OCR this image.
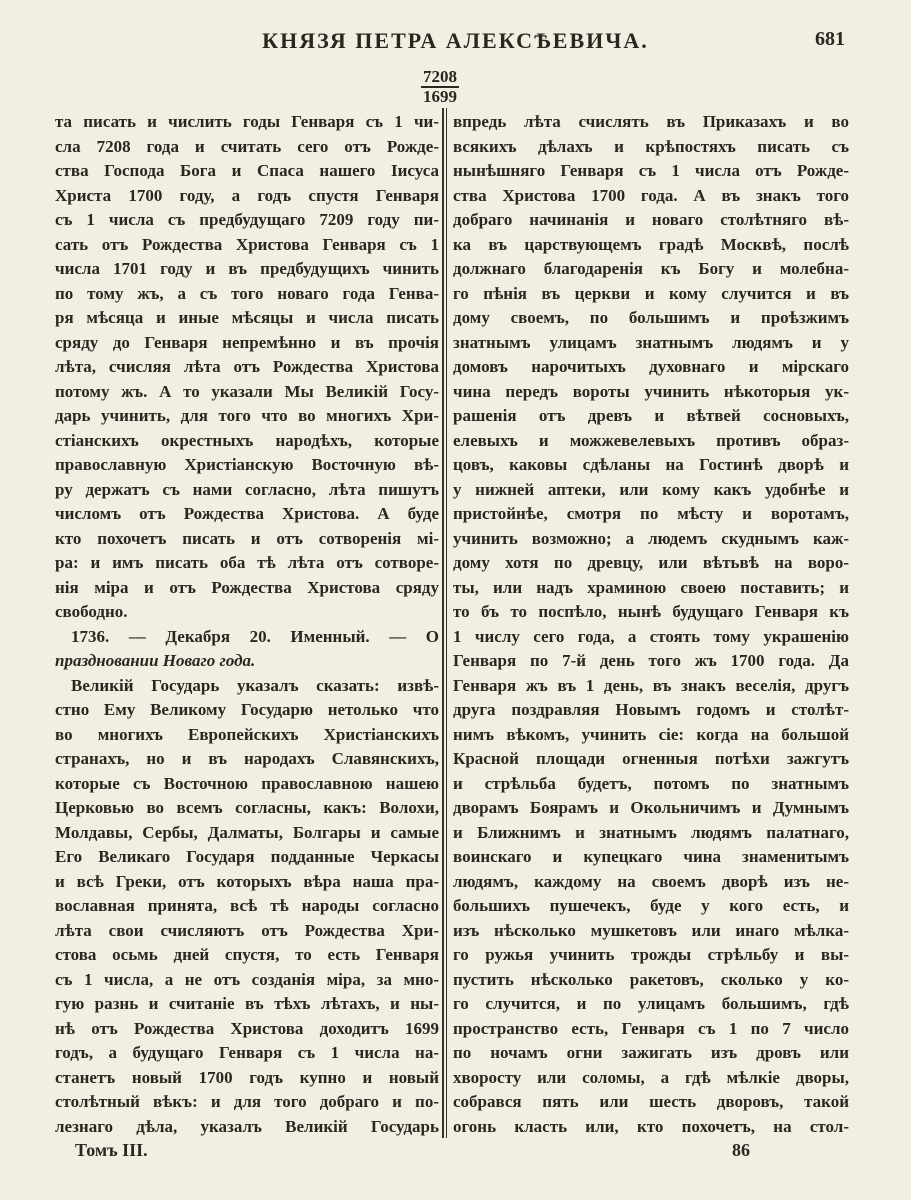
КНЯЗЯ ПЕТРА АЛЕКСѢЕВИЧА.	681
$\frac{7208}{1699}$
та писать и числить годы Генваря съ 1 чи-
сла 7208 года и считать сего отъ Рожде-
ства Господа Бога и Спаса нашего Іисуса
Христа 1700 году, а годъ спустя Генваря
съ 1 числа съ предбудущаго 7209 году пи-
сать отъ Рождества Христова Генваря съ 1
числа 1701 году и въ предбудущихъ чинить
по тому жъ, а съ того новаго года Генва-
ря мѣсяца и иные мѣсяцы и числа писать
сряду до Генваря непремѣнно и въ прочія
лѣта, счисляя лѣта отъ Рождества Христова
потому жъ. А то указали Мы Великій Госу-
дарь учинить, для того что во многихъ Хри-
стіанскихъ окрестныхъ народѣхъ, которые
православную Христіанскую Восточную вѣ-
ру держатъ съ нами согласно, лѣта пишутъ
числомъ отъ Рождества Христова. А буде
кто похочетъ писать и отъ сотворенія мі-
ра: и имъ писать оба тѣ лѣта отъ сотворе-
нія міра и отъ Рождества Христова сряду
свободно.
1736. — Декабря 20. Именный. — О
праздновании Новаго года.
Великій Государь указалъ сказать: извѣ-
стно Ему Великому Государю нетолько что
во многихъ Европейскихъ Христіанскихъ
странахъ, но и въ народахъ Славянскихъ,
которые съ Восточною православною нашею
Церковью во всемъ согласны, какъ: Волохи,
Молдавы, Сербы, Далматы, Болгары и самые
Его Великаго Государя подданные Черкасы
и всѣ Греки, отъ которыхъ вѣра наша пра-
вославная принята, всѣ тѣ народы согласно
лѣта свои счисляютъ отъ Рождества Хри-
стова осьмь дней спустя, то есть Генваря
съ 1 числа, а не отъ созданія міра, за мно-
гую разнь и считаніе въ тѣхъ лѣтахъ, и ны-
нѣ отъ Рождества Христова доходитъ 1699
годъ, а будущаго Генваря съ 1 числа на-
станетъ новый 1700 годъ купно и новый
столѣтный вѣкъ: и для того добраго и по-
лезнаго дѣла, указалъ Великій Государь
впредь лѣта счислять въ Приказахъ и во
всякихъ дѣлахъ и крѣпостяхъ писать съ
нынѣшняго Генваря съ 1 числа отъ Рожде-
ства Христова 1700 года. А въ знакъ того
добраго начинанія и новаго столѣтняго вѣ-
ка въ царствующемъ градѣ Москвѣ, послѣ
должнаго благодаренія къ Богу и молебна-
го пѣнія въ церкви и кому случится и въ
дому своемъ, по большимъ и проѣзжимъ
знатнымъ улицамъ знатнымъ людямъ и у
домовъ нарочитыхъ духовнаго и мірскаго
чина передъ вороты учинить нѣкоторыя ук-
рашенія отъ древъ и вѣтвей сосновыхъ,
елевыхъ и можжевелевыхъ противъ образ-
цовъ, каковы сдѣланы на Гостинѣ дворѣ и
у нижней аптеки, или кому какъ удобнѣе и
пристойнѣе, смотря по мѣсту и воротамъ,
учинить возможно; а людемъ скуднымъ каж-
дому хотя по древцу, или вѣтьвѣ на воро-
ты, или надъ храминою своею поставить; и
то бъ то поспѣло, нынѣ будущаго Генваря къ
1 числу сего года, а стоять тому украшенію
Генваря по 7-й день того жъ 1700 года. Да
Генваря жъ въ 1 день, въ знакъ веселія, другъ
друга поздравляя Новымъ годомъ и столѣт-
нимъ вѣкомъ, учинить сіе: когда на большой
Красной площади огненныя потѣхи зажгутъ
и стрѣльба будетъ, потомъ по знатнымъ
дворамъ Боярамъ и Окольничимъ и Думнымъ
и Ближнимъ и знатнымъ людямъ палатнаго,
воинскаго и купецкаго чина знаменитымъ
людямъ, каждому на своемъ дворѣ изъ не-
большихъ пушечекъ, буде у кого есть, и
изъ нѣсколько мушкетовъ или инаго мѣлка-
го ружья учинить трожды стрѣльбу и вы-
пустить нѣсколько ракетовъ, сколько у ко-
го случится, и по улицамъ большимъ, гдѣ
пространство есть, Генваря съ 1 по 7 число
по ночамъ огни зажигать изъ дровъ или
хворосту или соломы, а гдѣ мѣлкіе дворы,
собрався пять или шесть дворовъ, такой
огонь класть или, кто похочетъ, на стол-
Томъ III.	86
